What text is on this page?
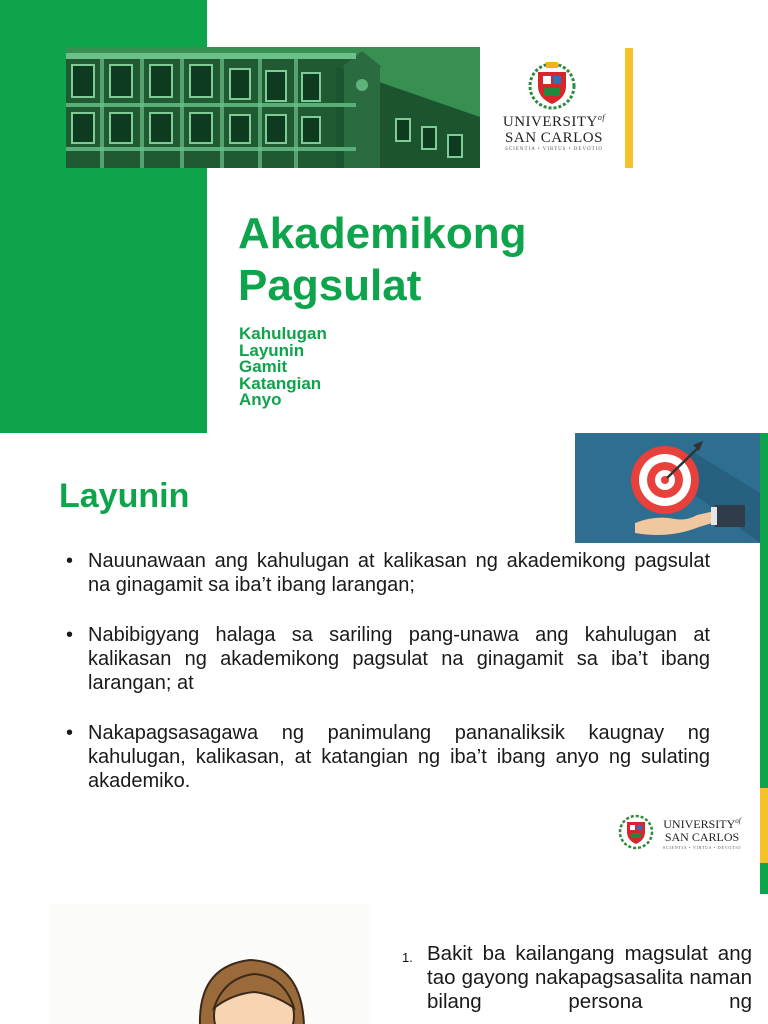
$UNIVERSITY^{of}$
SAN CARLOS
SCIENTIA • VIRTUS • DEVOTIO
Akademikong
Pagsulat
Kahulugan
Layunin
Gamit
Katangian
Anyo
Layunin
• Nauunawaan ang kahulugan at kalikasan ng akademikong pagsulat na ginagamit sa iba’t ibang larangan;
• Nabibigyang halaga sa sariling pang-unawa ang kahulugan at kalikasan ng akademikong pagsulat na ginagamit sa iba’t ibang larangan; at
• Nakapagsasagawa ng panimulang pananaliksik kaugnay ng kahulugan, kalikasan, at katangian ng iba’t ibang anyo ng sulating akademiko.
$UNIVERSITY^{of}$
SAN CARLOS
SCIENTIA • VIRTUS • DEVOTIO
1. Bakit ba kailangang magsulat ang tao gayong nakapagsasalita naman bilang persona ng
